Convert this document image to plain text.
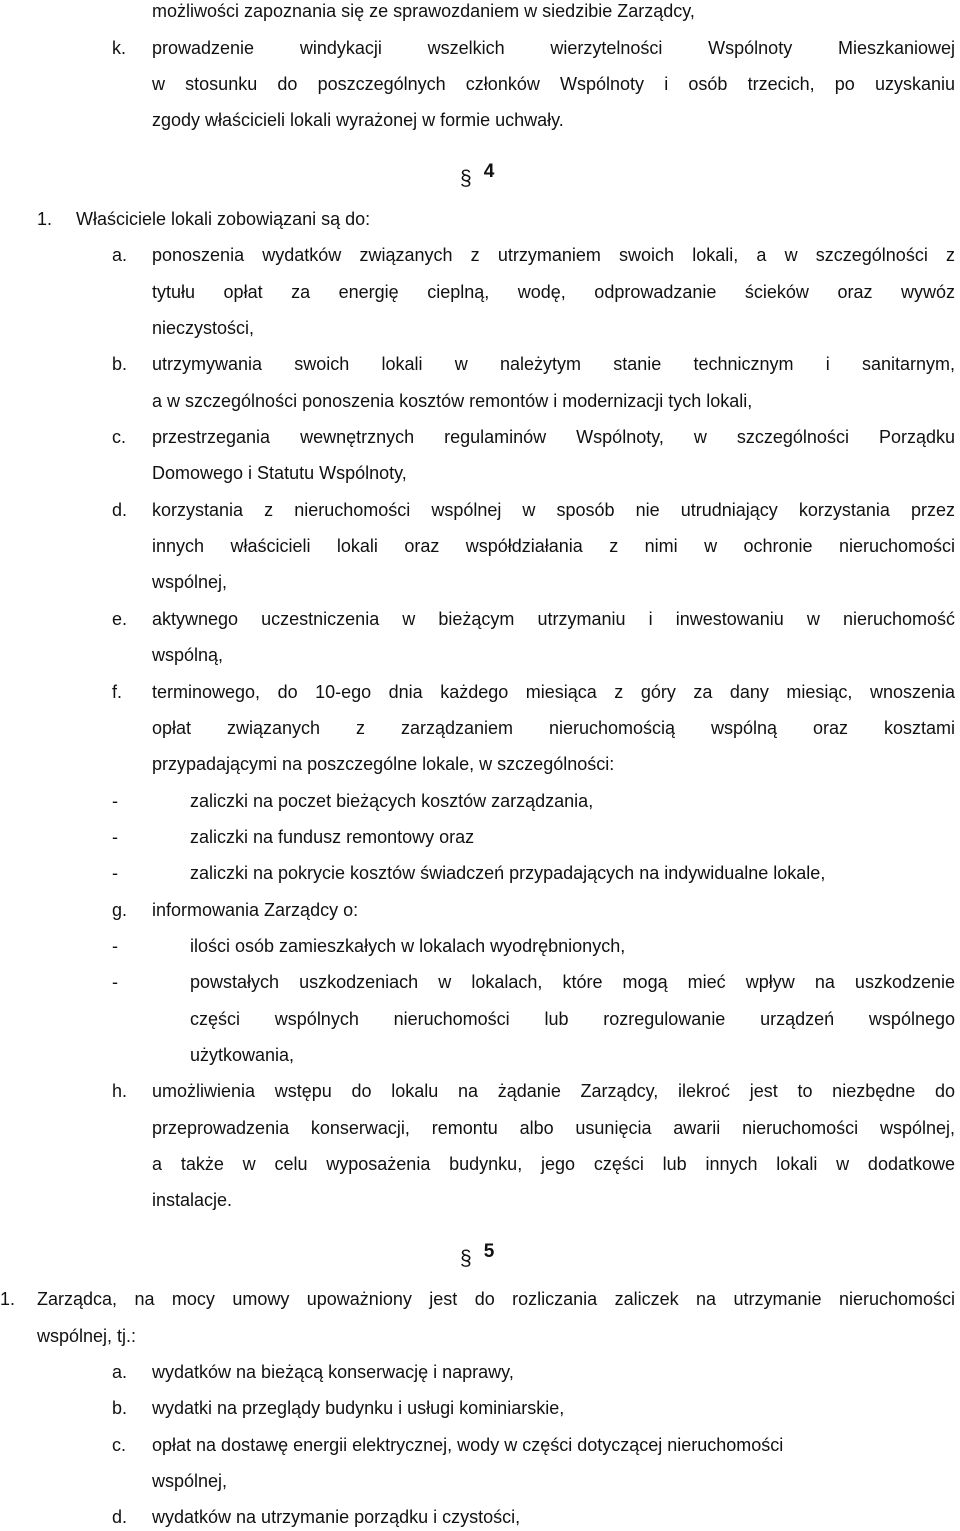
możliwości zapoznania się ze sprawozdaniem w siedzibie Zarządcy,
k. prowadzenie windykacji wszelkich wierzytelności Wspólnoty Mieszkaniowej
w stosunku do poszczególnych członków Wspólnoty i osób trzecich, po uzyskaniu
zgody właścicieli lokali wyrażonej w formie uchwały.
§ 4
1. Właściciele lokali zobowiązani są do:
a. ponoszenia wydatków związanych z utrzymaniem swoich lokali, a w szczególności z
tytułu opłat za energię cieplną, wodę, odprowadzanie ścieków oraz wywóz
nieczystości,
b. utrzymywania swoich lokali w należytym stanie technicznym i sanitarnym,
a w szczególności ponoszenia kosztów remontów i modernizacji tych lokali,
c. przestrzegania wewnętrznych regulaminów Wspólnoty, w szczególności Porządku
Domowego i Statutu Wspólnoty,
d. korzystania z nieruchomości wspólnej w sposób nie utrudniający korzystania przez
innych właścicieli lokali oraz współdziałania z nimi w ochronie nieruchomości
wspólnej,
e. aktywnego uczestniczenia w bieżącym utrzymaniu i inwestowaniu w nieruchomość
wspólną,
f. terminowego, do 10-ego dnia każdego miesiąca z góry za dany miesiąc, wnoszenia
opłat związanych z zarządzaniem nieruchomością wspólną oraz kosztami
przypadającymi na poszczególne lokale, w szczególności:
-	zaliczki na poczet bieżących kosztów zarządzania,
-	zaliczki na fundusz remontowy oraz
-	zaliczki na pokrycie kosztów świadczeń przypadających na indywidualne lokale,
g. informowania Zarządcy o:
-	ilości osób zamieszkałych w lokalach wyodrębnionych,
-	powstałych uszkodzeniach w lokalach, które mogą mieć wpływ na uszkodzenie
części wspólnych nieruchomości lub rozregulowanie urządzeń wspólnego
użytkowania,
h. umożliwienia wstępu do lokalu na żądanie Zarządcy, ilekroć jest to niezbędne do
przeprowadzenia konserwacji, remontu albo usunięcia awarii nieruchomości wspólnej,
a także w celu wyposażenia budynku, jego części lub innych lokali w dodatkowe
instalacje.
§ 5
1. Zarządca, na mocy umowy upoważniony jest do rozliczania zaliczek na utrzymanie nieruchomości
wspólnej, tj.:
a. wydatków na bieżącą konserwację i naprawy,
b. wydatki na przeglądy budynku i usługi kominiarskie,
c. opłat na dostawę energii elektrycznej, wody w części dotyczącej nieruchomości
wspólnej,
d. wydatków na utrzymanie porządku i czystości,
